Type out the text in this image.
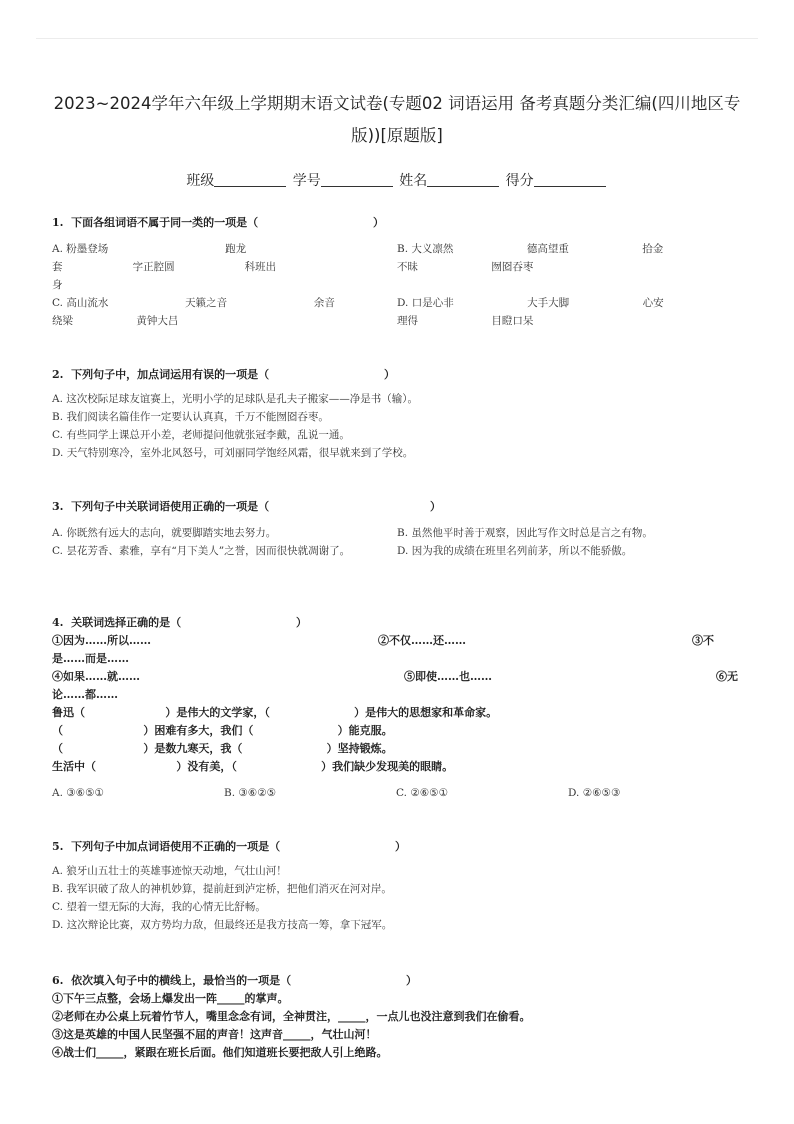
2023~2024学年六年级上学期期末语文试卷(专题02 词语运用 备考真题分类汇编(四川地区专
版))[原题版]
班级	学号	姓名	得分
1.  下面各组词语不属于同一类的一项是（                              ）
A. 粉墨登场                                   跑龙
套                     字正腔圆                     科班出
身
B. 大义凛然                      德高望重                      拾金
不昧                      囫囵吞枣
C. 高山流水                       天籁之音                          余音
绕梁                   黄钟大吕
D. 口是心非                      大手大脚                      心安
理得                      目瞪口呆
2.  下列句子中，加点词运用有误的一项是（                              ）
A. 这次校际足球友谊赛上，光明小学的足球队是孔夫子搬家——净是书（输）。
B. 我们阅读名篇佳作一定要认认真真，千万不能囫囵吞枣。
C. 有些同学上课总开小差，老师提问他就张冠李戴，乱说一通。
D. 天气特别寒冷，室外北风怒号，可刘丽同学饱经风霜，很早就来到了学校。
3.  下列句子中关联词语使用正确的一项是（                                          ）
A. 你既然有远大的志向，就要脚踏实地去努力。	B. 虽然他平时善于观察，因此写作文时总是言之有物。
C. 昙花芳香、素雅，享有“月下美人”之誉，因而很快就凋谢了。	D. 因为我的成绩在班里名列前茅，所以不能骄傲。
4.  关联词选择正确的是（                              ）
①因为……所以……	②不仅……还……	③不
是……而是……
④如果……就……	⑤即使……也……	⑥无
论……都……
鲁迅（                     ）是伟大的文学家，（                      ）是伟大的思想家和革命家。
（                     ）困难有多大，我们（                      ）能克服。
（                     ）是数九寒天，我（                      ）坚持锻炼。
生活中（                     ）没有美，（                      ）我们缺少发现美的眼睛。
A. ③⑥⑤①	B. ③⑥②⑤	C. ②⑥⑤①	D. ②⑥⑤③
5.  下列句子中加点词语使用不正确的一项是（                              ）
A. 狼牙山五壮士的英雄事迹惊天动地，气壮山河！
B. 我军识破了敌人的神机妙算，提前赶到泸定桥，把他们消灭在河对岸。
C. 望着一望无际的大海，我的心情无比舒畅。
D. 这次辩论比赛，双方势均力敌，但最终还是我方技高一筹，拿下冠军。
6.  依次填入句子中的横线上，最恰当的一项是（                              ）
①下午三点整，会场上爆发出一阵_____的掌声。
②老师在办公桌上玩着竹节人，嘴里念念有词，全神贯注，_____，一点儿也没注意到我们在偷看。
③这是英雄的中国人民坚强不屈的声音！这声音_____，气壮山河！
④战士们_____，紧跟在班长后面。他们知道班长要把敌人引上绝路。
